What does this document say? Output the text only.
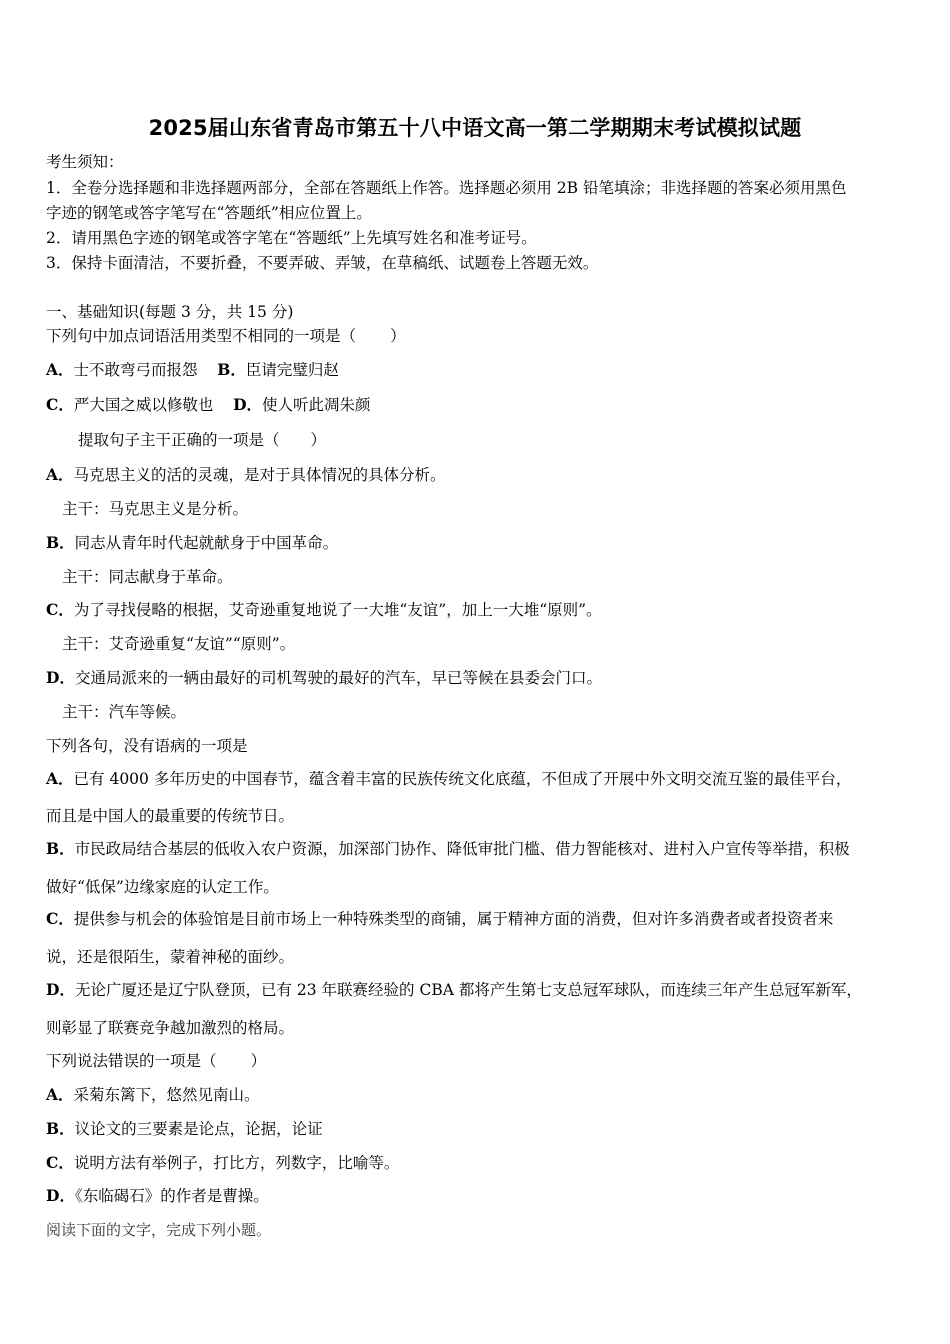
2025届山东省青岛市第五十八中语文高一第二学期期末考试模拟试题
考生须知：
1．全卷分选择题和非选择题两部分，全部在答题纸上作答。选择题必须用 2B 铅笔填涂；非选择题的答案必须用黑色
字迹的钢笔或答字笔写在“答题纸”相应位置上。
2．请用黑色字迹的钢笔或答字笔在“答题纸”上先填写姓名和准考证号。
3．保持卡面清洁，不要折叠，不要弄破、弄皱，在草稿纸、试题卷上答题无效。
一、基础知识(每题 3 分，共 15 分)
下列句中加点词语活用类型不相同的一项是（ ）
A．士不敢弯弓而报怨 B．臣请完璧归赵
C．严大国之威以修敬也 D．使人听此凋朱颜
提取句子主干正确的一项是（　　）
A．马克思主义的活的灵魂，是对于具体情况的具体分析。
主干：马克思主义是分析。
B．同志从青年时代起就献身于中国革命。
主干：同志献身于革命。
C．为了寻找侵略的根据，艾奇逊重复地说了一大堆“友谊”，加上一大堆“原则”。
主干：艾奇逊重复“友谊”“原则”。
D．交通局派来的一辆由最好的司机驾驶的最好的汽车，早已等候在县委会门口。
主干：汽车等候。
下列各句，没有语病的一项是
A．已有 4000 多年历史的中国春节，蕴含着丰富的民族传统文化底蕴，不但成了开展中外文明交流互鉴的最佳平台，
而且是中国人的最重要的传统节日。
B．市民政局结合基层的低收入农户资源，加深部门协作、降低审批门槛、借力智能核对、进村入户宣传等举措，积极
做好“低保”边缘家庭的认定工作。
C．提供参与机会的体验馆是目前市场上一种特殊类型的商铺，属于精神方面的消费，但对许多消费者或者投资者来
说，还是很陌生，蒙着神秘的面纱。
D．无论广厦还是辽宁队登顶，已有 23 年联赛经验的 CBA 都将产生第七支总冠军球队，而连续三年产生总冠军新军，
则彰显了联赛竞争越加激烈的格局。
下列说法错误的一项是（ ）
A．采菊东篱下，悠然见南山。
B．议论文的三要素是论点，论据，论证
C．说明方法有举例子，打比方，列数字，比喻等。
D．《东临碣石》的作者是曹操。
阅读下面的文字，完成下列小题。
